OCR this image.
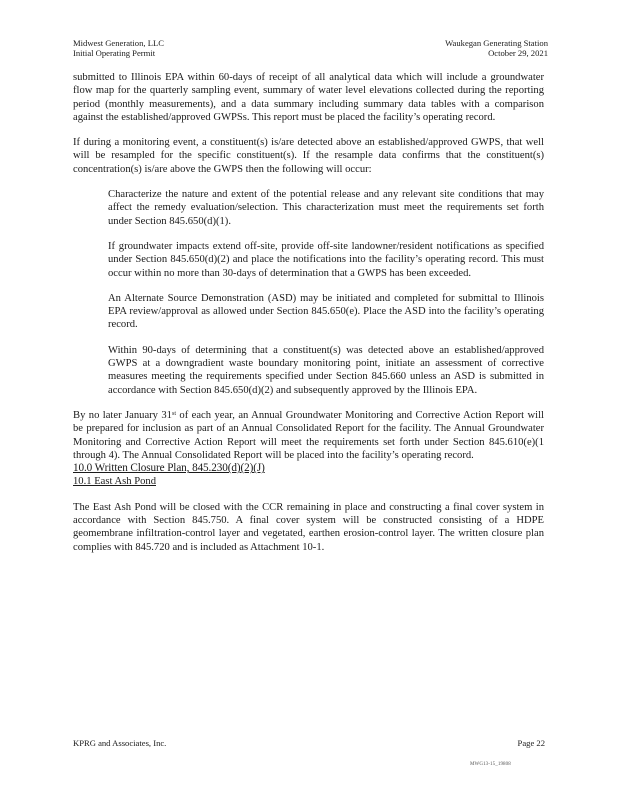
Midwest Generation, LLC
Initial Operating Permit
Waukegan Generating Station
October 29, 2021

submitted to Illinois EPA within 60-days of receipt of all analytical data which will include a groundwater flow map for the quarterly sampling event, summary of water level elevations collected during the reporting period (monthly measurements), and a data summary including summary data tables with a comparison against the established/approved GWPSs. This report must be placed the facility’s operating record.

If during a monitoring event, a constituent(s) is/are detected above an established/approved GWPS, that well will be resampled for the specific constituent(s). If the resample data confirms that the constituent(s) concentration(s) is/are above the GWPS then the following will occur:

Characterize the nature and extent of the potential release and any relevant site conditions that may affect the remedy evaluation/selection. This characterization must meet the requirements set forth under Section 845.650(d)(1).

If groundwater impacts extend off-site, provide off-site landowner/resident notifications as specified under Section 845.650(d)(2) and place the notifications into the facility’s operating record. This must occur within no more than 30-days of determination that a GWPS has been exceeded.

An Alternate Source Demonstration (ASD) may be initiated and completed for submittal to Illinois EPA review/approval as allowed under Section 845.650(e). Place the ASD into the facility’s operating record.

Within 90-days of determining that a constituent(s) was detected above an established/approved GWPS at a downgradient waste boundary monitoring point, initiate an assessment of corrective measures meeting the requirements specified under Section 845.660 unless an ASD is submitted in accordance with Section 845.650(d)(2) and subsequently approved by the Illinois EPA.

By no later January 31st of each year, an Annual Groundwater Monitoring and Corrective Action Report will be prepared for inclusion as part of an Annual Consolidated Report for the facility. The Annual Groundwater Monitoring and Corrective Action Report will meet the requirements set forth under Section 845.610(e)(1 through 4). The Annual Consolidated Report will be placed into the facility’s operating record.

10.0 Written Closure Plan, 845.230(d)(2)(J)

10.1 East Ash Pond

The East Ash Pond will be closed with the CCR remaining in place and constructing a final cover system in accordance with Section 845.750. A final cover system will be constructed consisting of a HDPE geomembrane infiltration-control layer and vegetated, earthen erosion-control layer. The written closure plan complies with 845.720 and is included as Attachment 10-1.

KPRG and Associates, Inc.	Page 22
MWG13-15_19808
